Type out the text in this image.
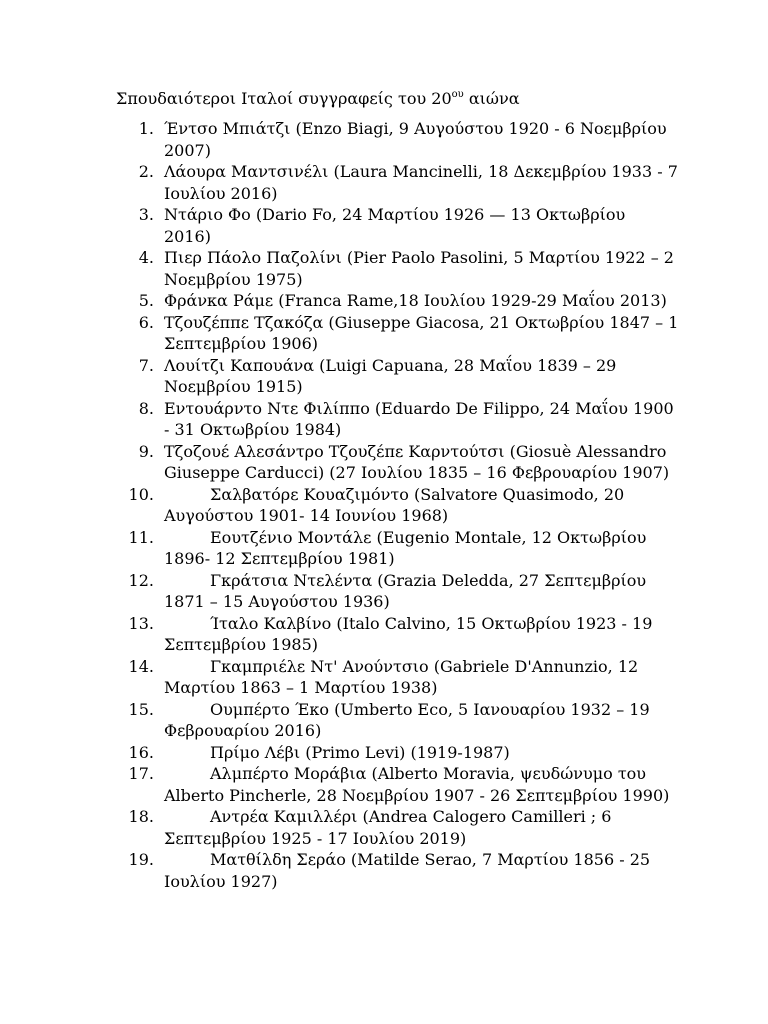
Σπουδαιότεροι Ιταλοί συγγραφείς του $20^{o\upsilon}$ αιώνα
1. Έντσο Μπιάτζι (Enzo Biagi, 9 Αυγούστου 1920 - 6 Νοεμβρίου
2007)
2. Λάουρα Μαντσινέλι (Laura Mancinelli, 18 Δεκεμβρίου 1933 - 7
Ιουλίου 2016)
3. Ντάριο Φο (Dario Fo, 24 Μαρτίου 1926 — 13 Οκτωβρίου
2016)
4. Πιερ Πάολο Παζολίνι (Pier Paolo Pasolini, 5 Μαρτίου 1922 – 2
Νοεμβρίου 1975)
5. Φράνκα Ράμε (Franca Rame,18 Ιουλίου 1929-29 Μαΐου 2013)
6. Τζουζέππε Τζακόζα (Giuseppe Giacosa, 21 Οκτωβρίου 1847 – 1
Σεπτεμβρίου 1906)
7. Λουίτζι Καπουάνα (Luigi Capuana, 28 Μαΐου 1839 – 29
Νοεμβρίου 1915)
8. Εντουάρντο Ντε Φιλίππο (Eduardo De Filippo, 24 Μαΐου 1900
- 31 Οκτωβρίου 1984)
9. Τζοζουέ Αλεσάντρο Τζουζέπε Καρντούτσι (Giosuè Alessandro
Giuseppe Carducci) (27 Ιουλίου 1835 – 16 Φεβρουαρίου 1907)
10.	Σαλβατόρε Κουαζιμόντο (Salvatore Quasimodo, 20
Αυγούστου 1901- 14 Ιουνίου 1968)
11.	Εουτζένιο Μοντάλε (Eugenio Montale, 12 Οκτωβρίου
1896- 12 Σεπτεμβρίου 1981)
12.	Γκράτσια Ντελέντα (Grazia Deledda, 27 Σεπτεμβρίου
1871 – 15 Αυγούστου 1936)
13.	Ίταλο Καλβίνο (Italo Calvino, 15 Οκτωβρίου 1923 - 19
Σεπτεμβρίου 1985)
14.	Γκαμπριέλε Ντ' Ανούντσιο (Gabriele D'Annunzio, 12
Μαρτίου 1863 – 1 Μαρτίου 1938)
15.	Ουμπέρτο Έκο (Umberto Eco, 5 Ιανουαρίου 1932 – 19
Φεβρουαρίου 2016)
16.	Πρίμο Λέβι (Primo Levi) (1919-1987)
17.	Αλμπέρτο Μοράβια (Alberto Moravia, ψευδώνυμο του
Alberto Pincherle, 28 Νοεμβρίου 1907 - 26 Σεπτεμβρίου 1990)
18.	Αντρέα Καμιλλέρι (Andrea Calogero Camilleri ; 6
Σεπτεμβρίου 1925 - 17 Ιουλίου 2019)
19.	Ματθίλδη Σεράο (Matilde Serao, 7 Μαρτίου 1856 - 25
Ιουλίου 1927)
